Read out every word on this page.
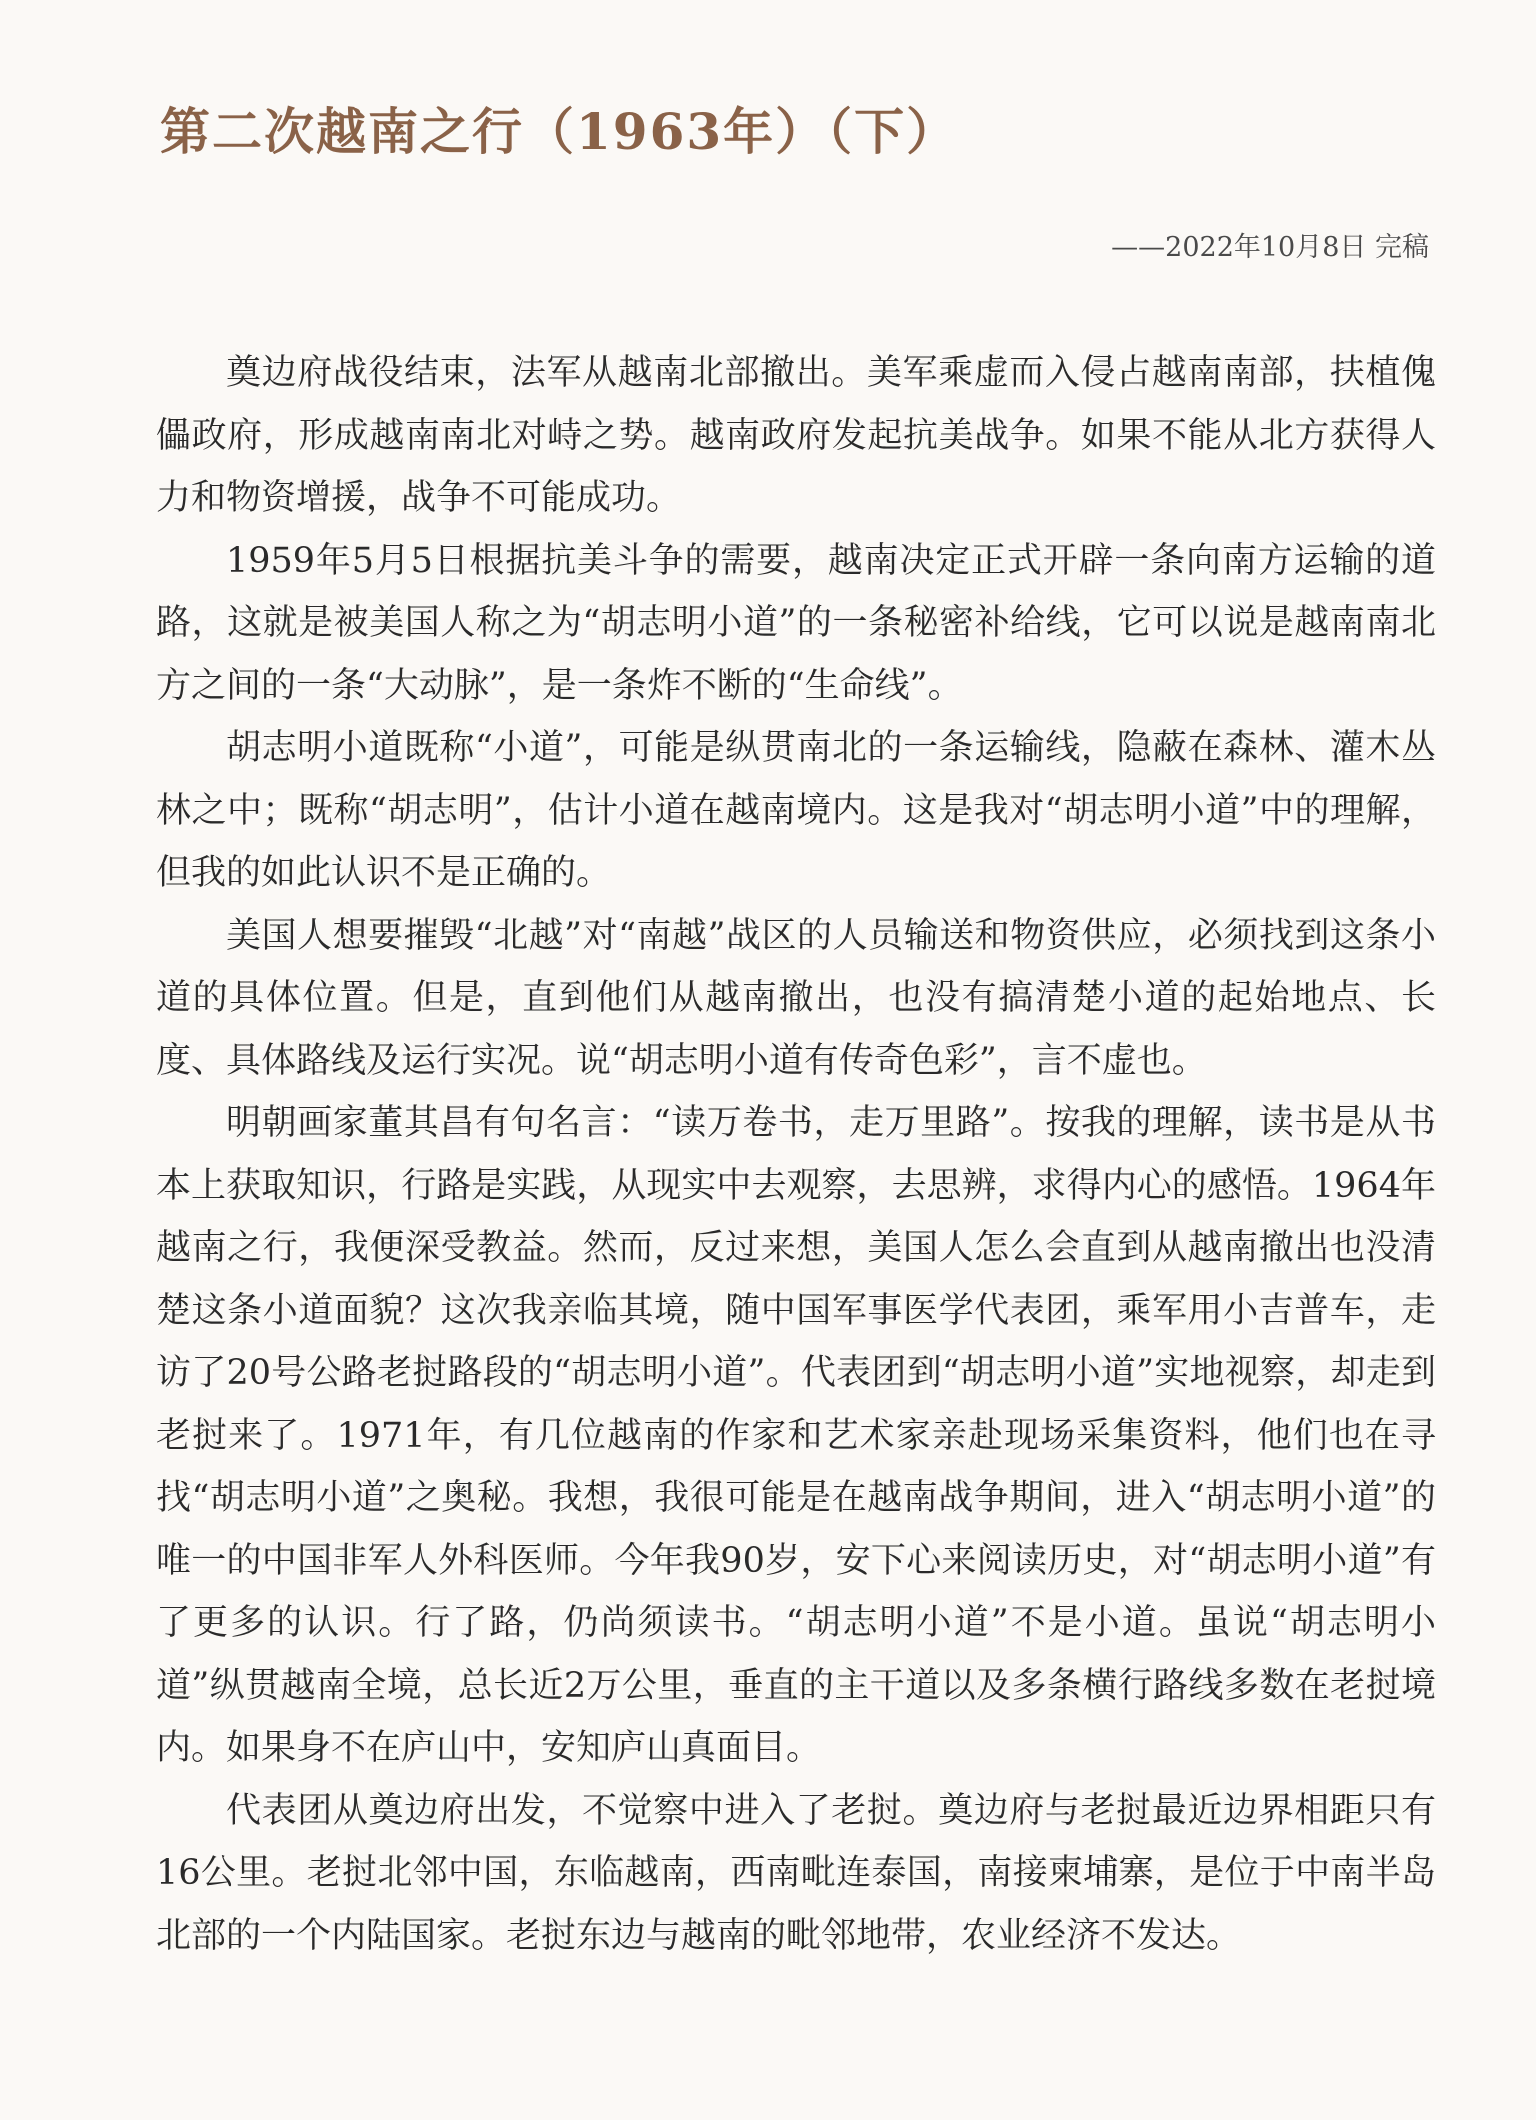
第二次越南之行（1963年）（下）
——2022年10月8日 完稿

奠边府战役结束，法军从越南北部撤出。美军乘虚而入侵占越南南部，扶植傀儡政府，形成越南南北对峙之势。越南政府发起抗美战争。如果不能从北方获得人力和物资增援，战争不可能成功。

1959年5月5日根据抗美斗争的需要，越南决定正式开辟一条向南方运输的道路，这就是被美国人称之为“胡志明小道”的一条秘密补给线，它可以说是越南南北方之间的一条“大动脉”，是一条炸不断的“生命线”。

胡志明小道既称“小道”，可能是纵贯南北的一条运输线，隐蔽在森林、灌木丛林之中；既称“胡志明”，估计小道在越南境内。这是我对“胡志明小道”中的理解，但我的如此认识不是正确的。

美国人想要摧毁“北越”对“南越”战区的人员输送和物资供应，必须找到这条小道的具体位置。但是，直到他们从越南撤出，也没有搞清楚小道的起始地点、长度、具体路线及运行实况。说“胡志明小道有传奇色彩”，言不虚也。

明朝画家董其昌有句名言：“读万卷书，走万里路”。按我的理解，读书是从书本上获取知识，行路是实践，从现实中去观察，去思辨，求得内心的感悟。1964年越南之行，我便深受教益。然而，反过来想，美国人怎么会直到从越南撤出也没清楚这条小道面貌？这次我亲临其境，随中国军事医学代表团，乘军用小吉普车，走访了20号公路老挝路段的“胡志明小道”。代表团到“胡志明小道”实地视察，却走到老挝来了。1971年，有几位越南的作家和艺术家亲赴现场采集资料，他们也在寻找“胡志明小道”之奥秘。我想，我很可能是在越南战争期间，进入“胡志明小道”的唯一的中国非军人外科医师。今年我90岁，安下心来阅读历史，对“胡志明小道”有了更多的认识。行了路，仍尚须读书。“胡志明小道”不是小道。虽说“胡志明小道”纵贯越南全境，总长近2万公里，垂直的主干道以及多条横行路线多数在老挝境内。如果身不在庐山中，安知庐山真面目。

代表团从奠边府出发，不觉察中进入了老挝。奠边府与老挝最近边界相距只有16公里。老挝北邻中国，东临越南，西南毗连泰国，南接柬埔寨，是位于中南半岛北部的一个内陆国家。老挝东边与越南的毗邻地带，农业经济不发达。
